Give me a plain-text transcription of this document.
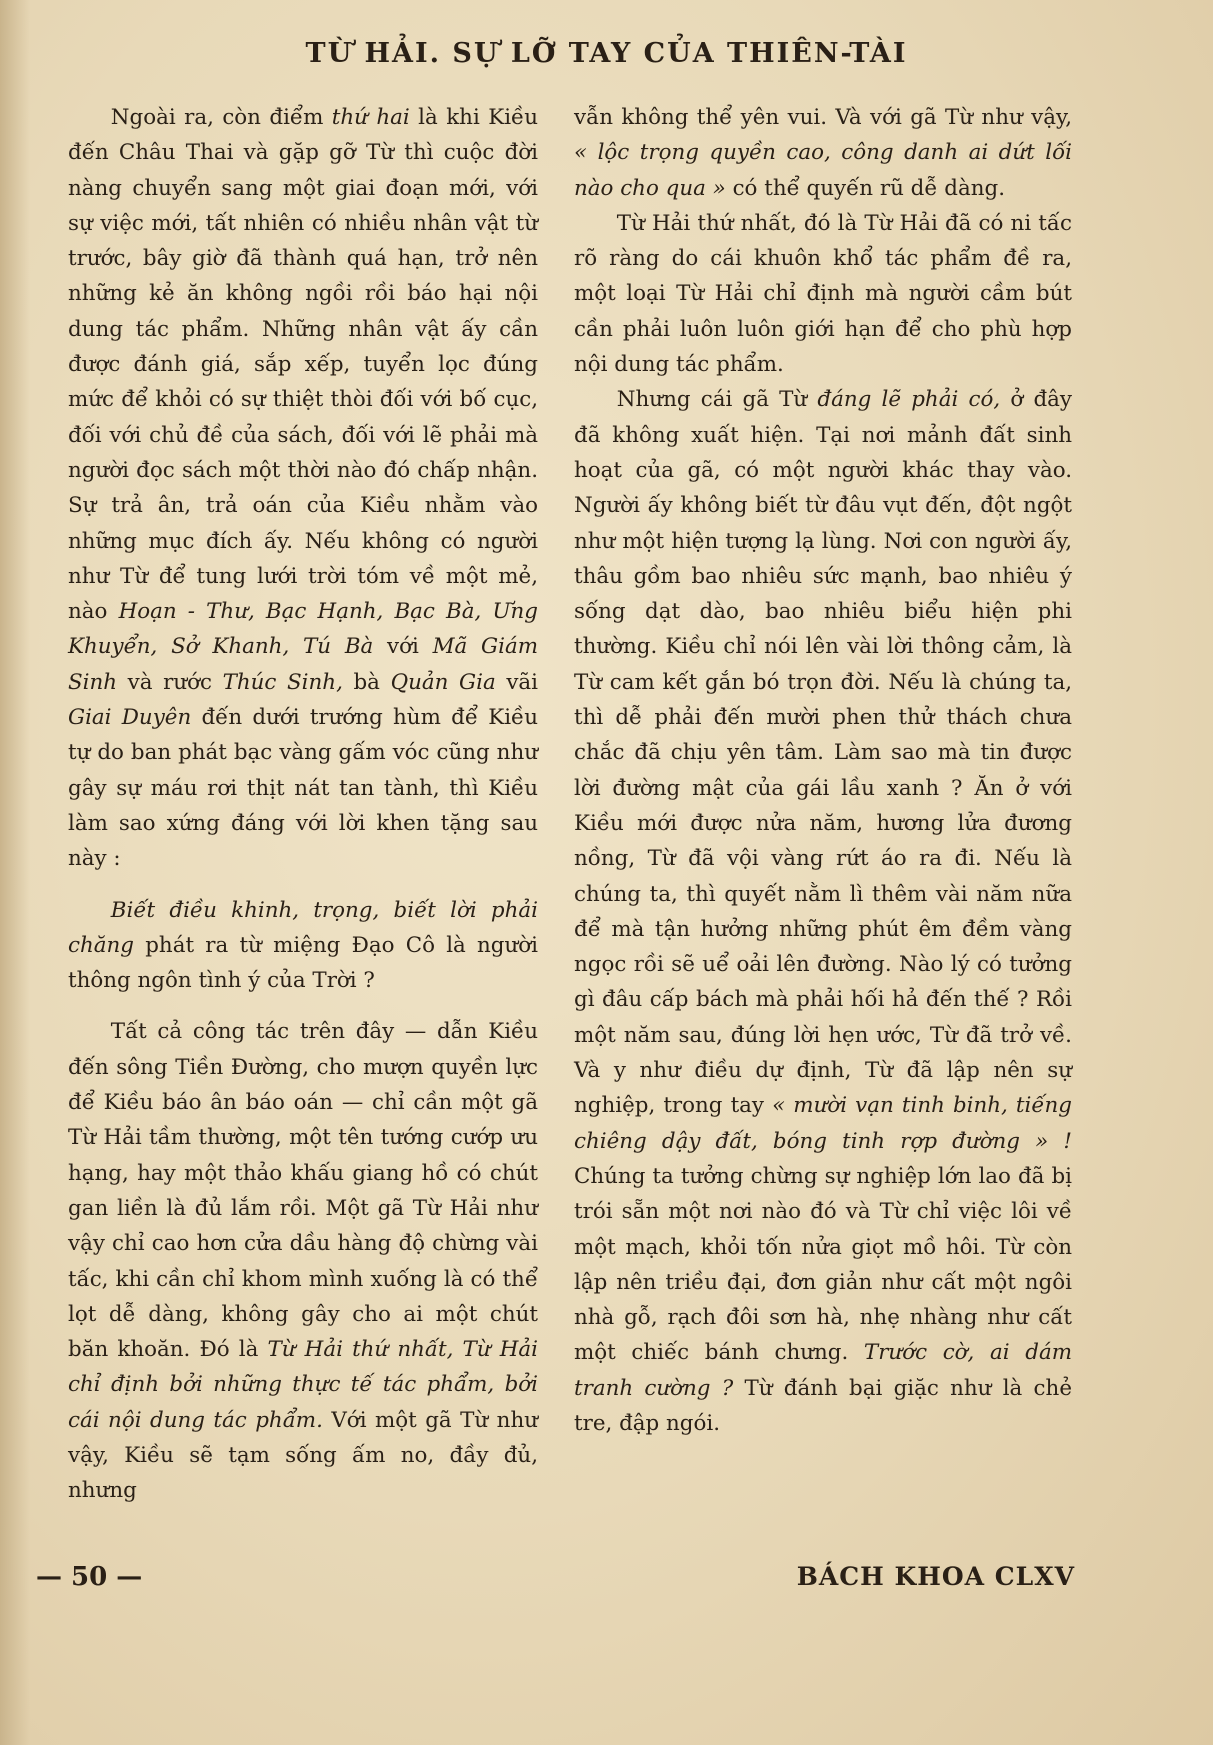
TỪ HẢI. SỰ LỠ TAY CỦA THIÊN-TÀI

Ngoài ra, còn điểm thứ hai là khi Kiều đến Châu Thai và gặp gỡ Từ thì cuộc đời nàng chuyển sang một giai đoạn mới, với sự việc mới, tất nhiên có nhiều nhân vật từ trước, bây giờ đã thành quá hạn, trở nên những kẻ ăn không ngồi rồi báo hại nội dung tác phẩm. Những nhân vật ấy cần được đánh giá, sắp xếp, tuyển lọc đúng mức để khỏi có sự thiệt thòi đối với bố cục, đối với chủ đề của sách, đối với lẽ phải mà người đọc sách một thời nào đó chấp nhận. Sự trả ân, trả oán của Kiều nhằm vào những mục đích ấy. Nếu không có người như Từ để tung lưới trời tóm về một mẻ, nào Hoạn - Thư, Bạc Hạnh, Bạc Bà, Ưng Khuyển, Sở Khanh, Tú Bà với Mã Giám Sinh và rước Thúc Sinh, bà Quản Gia vãi Giai Duyên đến dưới trướng hùm để Kiều tự do ban phát bạc vàng gấm vóc cũng như gây sự máu rơi thịt nát tan tành, thì Kiều làm sao xứng đáng với lời khen tặng sau này :

Biết điều khinh, trọng, biết lời phải chăng phát ra từ miệng Đạo Cô là người thông ngôn tình ý của Trời ?

Tất cả công tác trên đây — dẫn Kiều đến sông Tiền Đường, cho mượn quyền lực để Kiều báo ân báo oán — chỉ cần một gã Từ Hải tầm thường, một tên tướng cướp ưu hạng, hay một thảo khấu giang hồ có chút gan liền là đủ lắm rồi. Một gã Từ Hải như vậy chỉ cao hơn cửa dầu hàng độ chừng vài tấc, khi cần chỉ khom mình xuống là có thể lọt dễ dàng, không gây cho ai một chút băn khoăn. Đó là Từ Hải thứ nhất, Từ Hải chỉ định bởi những thực tế tác phẩm, bởi cái nội dung tác phẩm. Với một gã Từ như vậy, Kiều sẽ tạm sống ấm no, đầy đủ, nhưng

vẫn không thể yên vui. Và với gã Từ như vậy, « lộc trọng quyền cao, công danh ai dứt lối nào cho qua » có thể quyến rũ dễ dàng.

Từ Hải thứ nhất, đó là Từ Hải đã có ni tấc rõ ràng do cái khuôn khổ tác phẩm đề ra, một loại Từ Hải chỉ định mà người cầm bút cần phải luôn luôn giới hạn để cho phù hợp nội dung tác phẩm.

Nhưng cái gã Từ đáng lẽ phải có, ở đây đã không xuất hiện. Tại nơi mảnh đất sinh hoạt của gã, có một người khác thay vào. Người ấy không biết từ đâu vụt đến, đột ngột như một hiện tượng lạ lùng. Nơi con người ấy, thâu gồm bao nhiêu sức mạnh, bao nhiêu ý sống dạt dào, bao nhiêu biểu hiện phi thường. Kiều chỉ nói lên vài lời thông cảm, là Từ cam kết gắn bó trọn đời. Nếu là chúng ta, thì dễ phải đến mười phen thử thách chưa chắc đã chịu yên tâm. Làm sao mà tin được lời đường mật của gái lầu xanh ? Ăn ở với Kiều mới được nửa năm, hương lửa đương nồng, Từ đã vội vàng rứt áo ra đi. Nếu là chúng ta, thì quyết nằm lì thêm vài năm nữa để mà tận hưởng những phút êm đềm vàng ngọc rồi sẽ uể oải lên đường. Nào lý có tưởng gì đâu cấp bách mà phải hối hả đến thế ? Rồi một năm sau, đúng lời hẹn ước, Từ đã trở về. Và y như điều dự định, Từ đã lập nên sự nghiệp, trong tay « mười vạn tinh binh, tiếng chiêng dậy đất, bóng tinh rợp đường » ! Chúng ta tưởng chừng sự nghiệp lớn lao đã bị trói sẵn một nơi nào đó và Từ chỉ việc lôi về một mạch, khỏi tốn nửa giọt mồ hôi. Từ còn lập nên triều đại, đơn giản như cất một ngôi nhà gỗ, rạch đôi sơn hà, nhẹ nhàng như cất một chiếc bánh chưng. Trước cờ, ai dám tranh cường ? Từ đánh bại giặc như là chẻ tre, đập ngói.

— 50 —	BÁCH KHOA CLXV
